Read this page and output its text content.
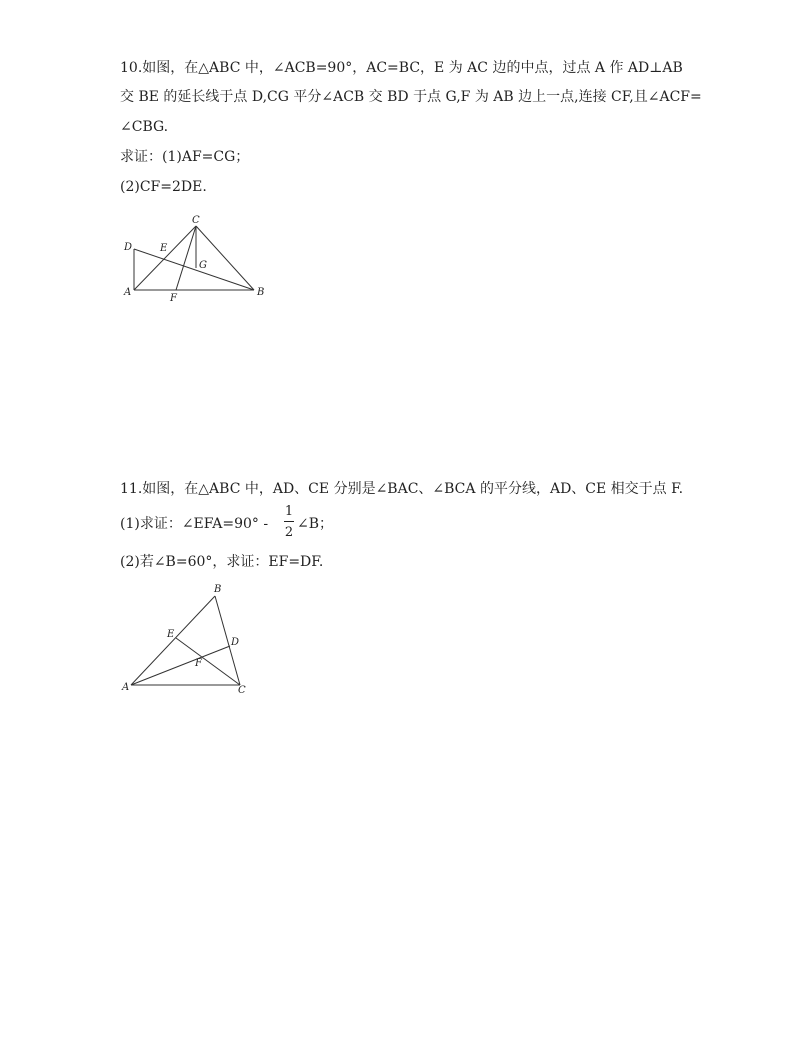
10.如图，在△ABC 中，∠ACB=90°，AC=BC，E 为 AC 边的中点，过点 A 作 AD⊥AB
交 BE 的延长线于点 D,CG 平分∠ACB 交 BD 于点 G,F 为 AB 边上一点,连接 CF,且∠ACF=
∠CBG.
求证：(1)AF=CG；
(2)CF=2DE.
D	E
C
G
A
F
B
11.如图，在△ABC 中，AD、CE 分别是∠BAC、∠BCA 的平分线，AD、CE 相交于点 F.
(1)求证：∠EFA=90° -
1
2
∠B；
(2)若∠B=60°，求证：EF=DF.
B
E
D
F
A	C
